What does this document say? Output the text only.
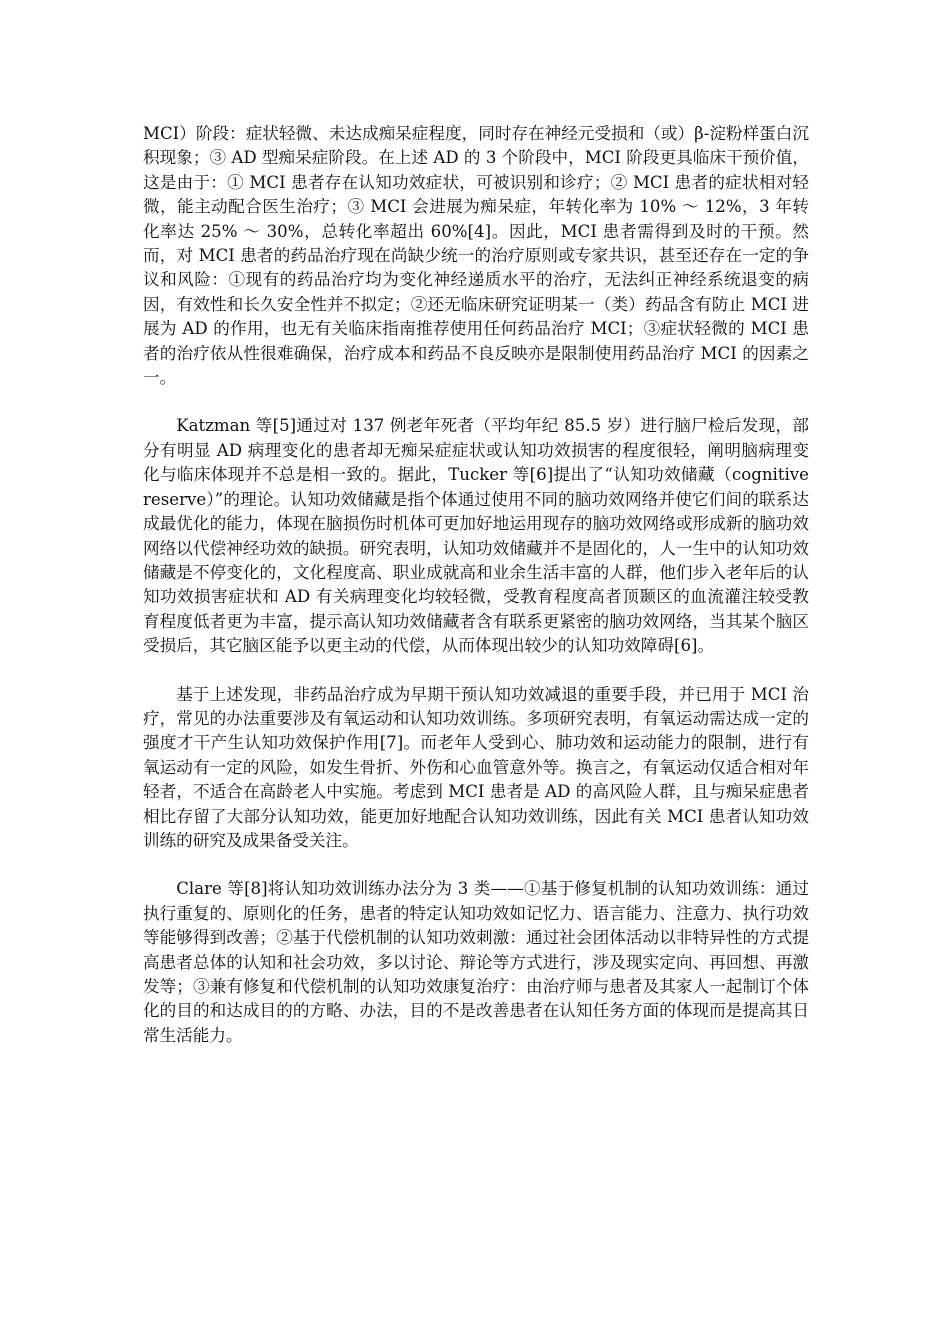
MCI）阶段：症状轻微、未达成痴呆症程度，同时存在神经元受损和（或）β-淀粉样蛋白沉积现象；③ AD 型痴呆症阶段。在上述 AD 的 3 个阶段中，MCI 阶段更具临床干预价值，这是由于：① MCI 患者存在认知功效症状，可被识别和诊疗；② MCI 患者的症状相对轻微，能主动配合医生治疗；③ MCI 会进展为痴呆症，年转化率为 10% ～ 12%，3 年转化率达 25% ～ 30%，总转化率超出 60%[4]。因此，MCI 患者需得到及时的干预。然而，对 MCI 患者的药品治疗现在尚缺少统一的治疗原则或专家共识，甚至还存在一定的争议和风险：①现有的药品治疗均为变化神经递质水平的治疗，无法纠正神经系统退变的病因，有效性和长久安全性并不拟定；②还无临床研究证明某一（类）药品含有防止 MCI 进展为 AD 的作用，也无有关临床指南推荐使用任何药品治疗 MCI；③症状轻微的 MCI 患者的治疗依从性很难确保，治疗成本和药品不良反映亦是限制使用药品治疗 MCI 的因素之一。

Katzman 等[5]通过对 137 例老年死者（平均年纪 85.5 岁）进行脑尸检后发现，部分有明显 AD 病理变化的患者却无痴呆症症状或认知功效损害的程度很轻，阐明脑病理变化与临床体现并不总是相一致的。据此，Tucker 等[6]提出了“认知功效储藏（cognitive reserve）”的理论。认知功效储藏是指个体通过使用不同的脑功效网络并使它们间的联系达成最优化的能力，体现在脑损伤时机体可更加好地运用现存的脑功效网络或形成新的脑功效网络以代偿神经功效的缺损。研究表明，认知功效储藏并不是固化的，人一生中的认知功效储藏是不停变化的，文化程度高、职业成就高和业余生活丰富的人群，他们步入老年后的认知功效损害症状和 AD 有关病理变化均较轻微，受教育程度高者顶颞区的血流灌注较受教育程度低者更为丰富，提示高认知功效储藏者含有联系更紧密的脑功效网络，当其某个脑区受损后，其它脑区能予以更主动的代偿，从而体现出较少的认知功效障碍[6]。

基于上述发现，非药品治疗成为早期干预认知功效减退的重要手段，并已用于 MCI 治疗，常见的办法重要涉及有氧运动和认知功效训练。多项研究表明，有氧运动需达成一定的强度才干产生认知功效保护作用[7]。而老年人受到心、肺功效和运动能力的限制，进行有氧运动有一定的风险，如发生骨折、外伤和心血管意外等。换言之，有氧运动仅适合相对年轻者，不适合在高龄老人中实施。考虑到 MCI 患者是 AD 的高风险人群，且与痴呆症患者相比存留了大部分认知功效，能更加好地配合认知功效训练，因此有关 MCI 患者认知功效训练的研究及成果备受关注。

Clare 等[8]将认知功效训练办法分为 3 类——①基于修复机制的认知功效训练：通过执行重复的、原则化的任务，患者的特定认知功效如记忆力、语言能力、注意力、执行功效等能够得到改善；②基于代偿机制的认知功效刺激：通过社会团体活动以非特异性的方式提高患者总体的认知和社会功效，多以讨论、辩论等方式进行，涉及现实定向、再回想、再激发等；③兼有修复和代偿机制的认知功效康复治疗：由治疗师与患者及其家人一起制订个体化的目的和达成目的的方略、办法，目的不是改善患者在认知任务方面的体现而是提高其日常生活能力。
